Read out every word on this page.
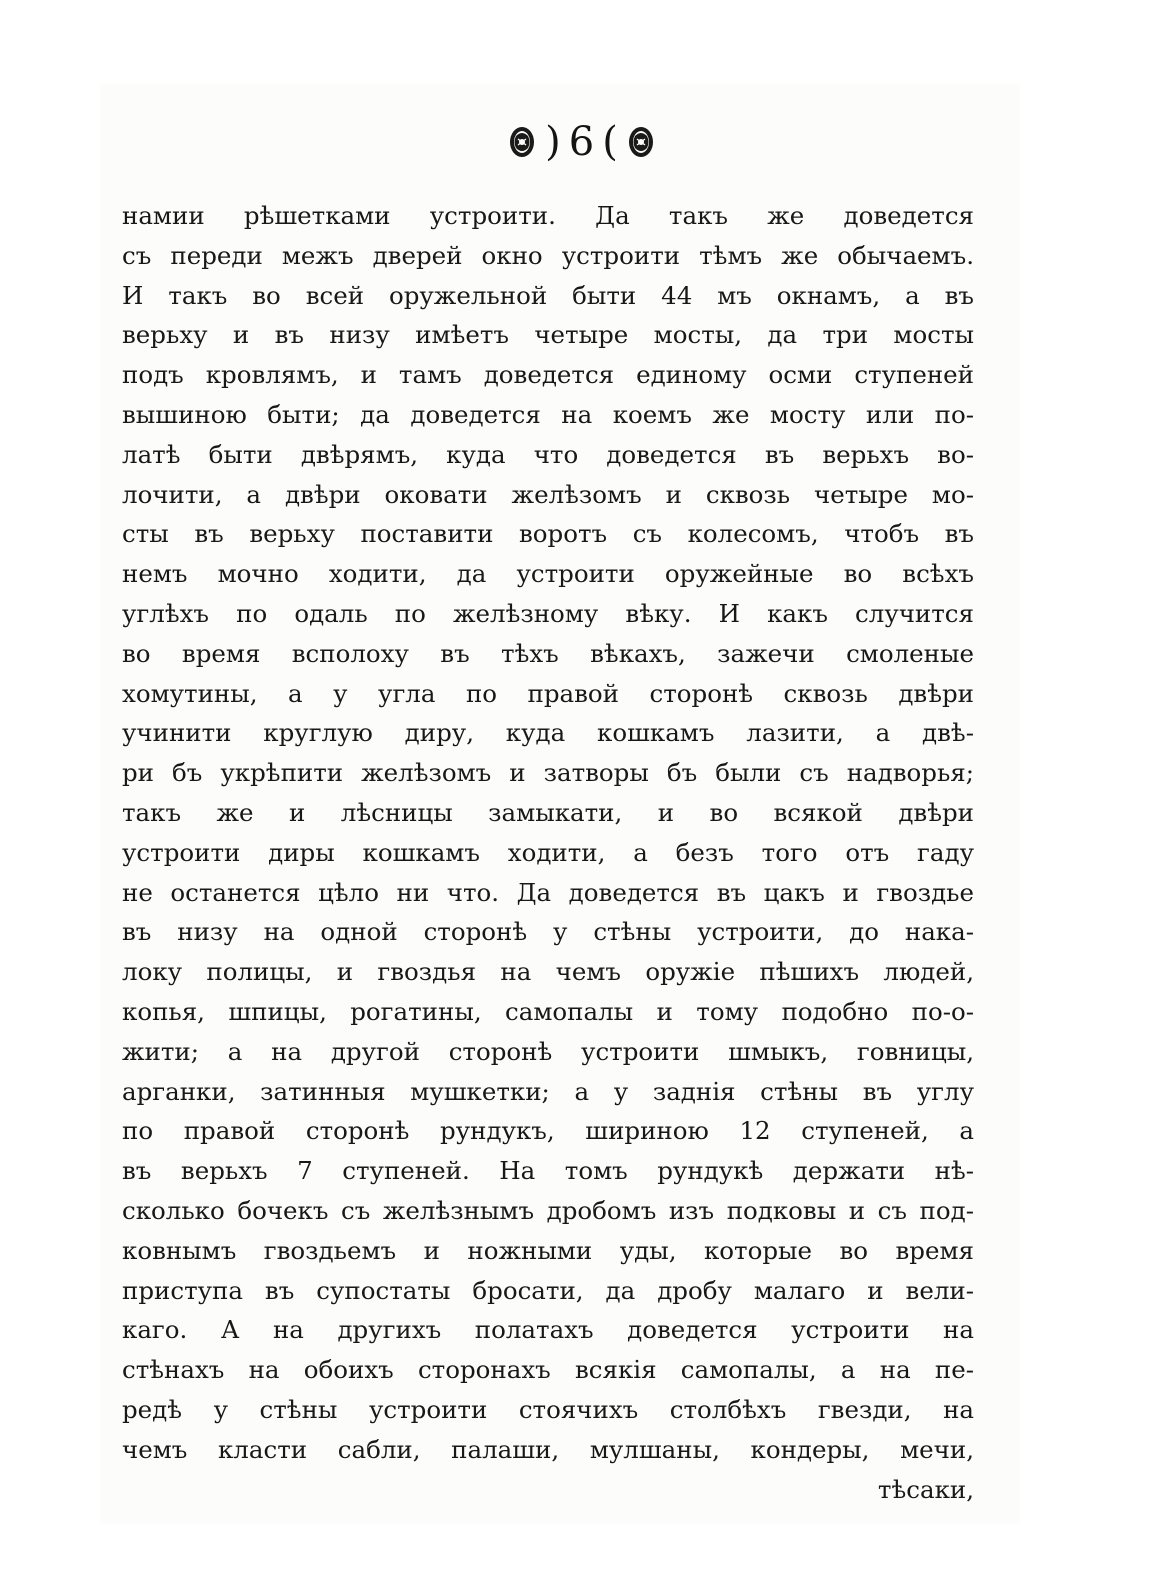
) 6 (
намии рѣшетками устроити. Да такъ же доведется
съ переди межъ дверей окно устроити тѣмъ же обычаемъ.
И такъ во всей оружельной быти 44 мъ окнамъ, а въ
верьху и въ низу имѣетъ четыре мосты, да три мосты
подъ кровлямъ, и тамъ доведется единому осми ступеней
вышиною быти; да доведется на коемъ же мосту или по-
латѣ быти двѣрямъ, куда что доведется въ верьхъ во-
лочити, а двѣри оковати желѣзомъ и сквозь четыре мо-
сты въ верьху поставити воротъ съ колесомъ, чтобъ въ
немъ мочно ходити, да устроити оружейные во всѣхъ
углѣхъ по одаль по желѣзному вѣку. И какъ случится
во время всполоху въ тѣхъ вѣкахъ, зажечи смоленые
хомутины, а у угла по правой сторонѣ сквозь двѣри
учинити круглую диру, куда кошкамъ лазити, а двѣ-
ри бъ укрѣпити желѣзомъ и затворы бъ были съ надворья;
такъ же и лѣсницы замыкати, и во всякой двѣри
устроити диры кошкамъ ходити, а безъ того отъ гаду
не останется цѣло ни что. Да доведется въ цакъ и гвоздье
въ низу на одной сторонѣ у стѣны устроити, до нака-
локу полицы, и гвоздья на чемъ оружіе пѣшихъ людей,
копья, шпицы, рогатины, самопалы и тому подобно по-о-
жити; а на другой сторонѣ устроити шмыкъ, говницы,
арганки, затинныя мушкетки; а у заднія стѣны въ углу
по правой сторонѣ рундукъ, шириною 12 ступеней, а
въ верьхъ 7 ступеней. На томъ рундукѣ держати нѣ-
сколько бочекъ съ желѣзнымъ дробомъ изъ подковы и съ под-
ковнымъ гвоздьемъ и ножными уды, которые во время
приступа въ супостаты бросати, да дробу малаго и вели-
каго. А на другихъ полатахъ доведется устроити на
стѣнахъ на обоихъ сторонахъ всякія самопалы, а на пе-
редѣ у стѣны устроити стоячихъ столбѣхъ гвезди, на
чемъ класти сабли, палаши, мулшаны, кондеры, мечи,
тѣсаки,
